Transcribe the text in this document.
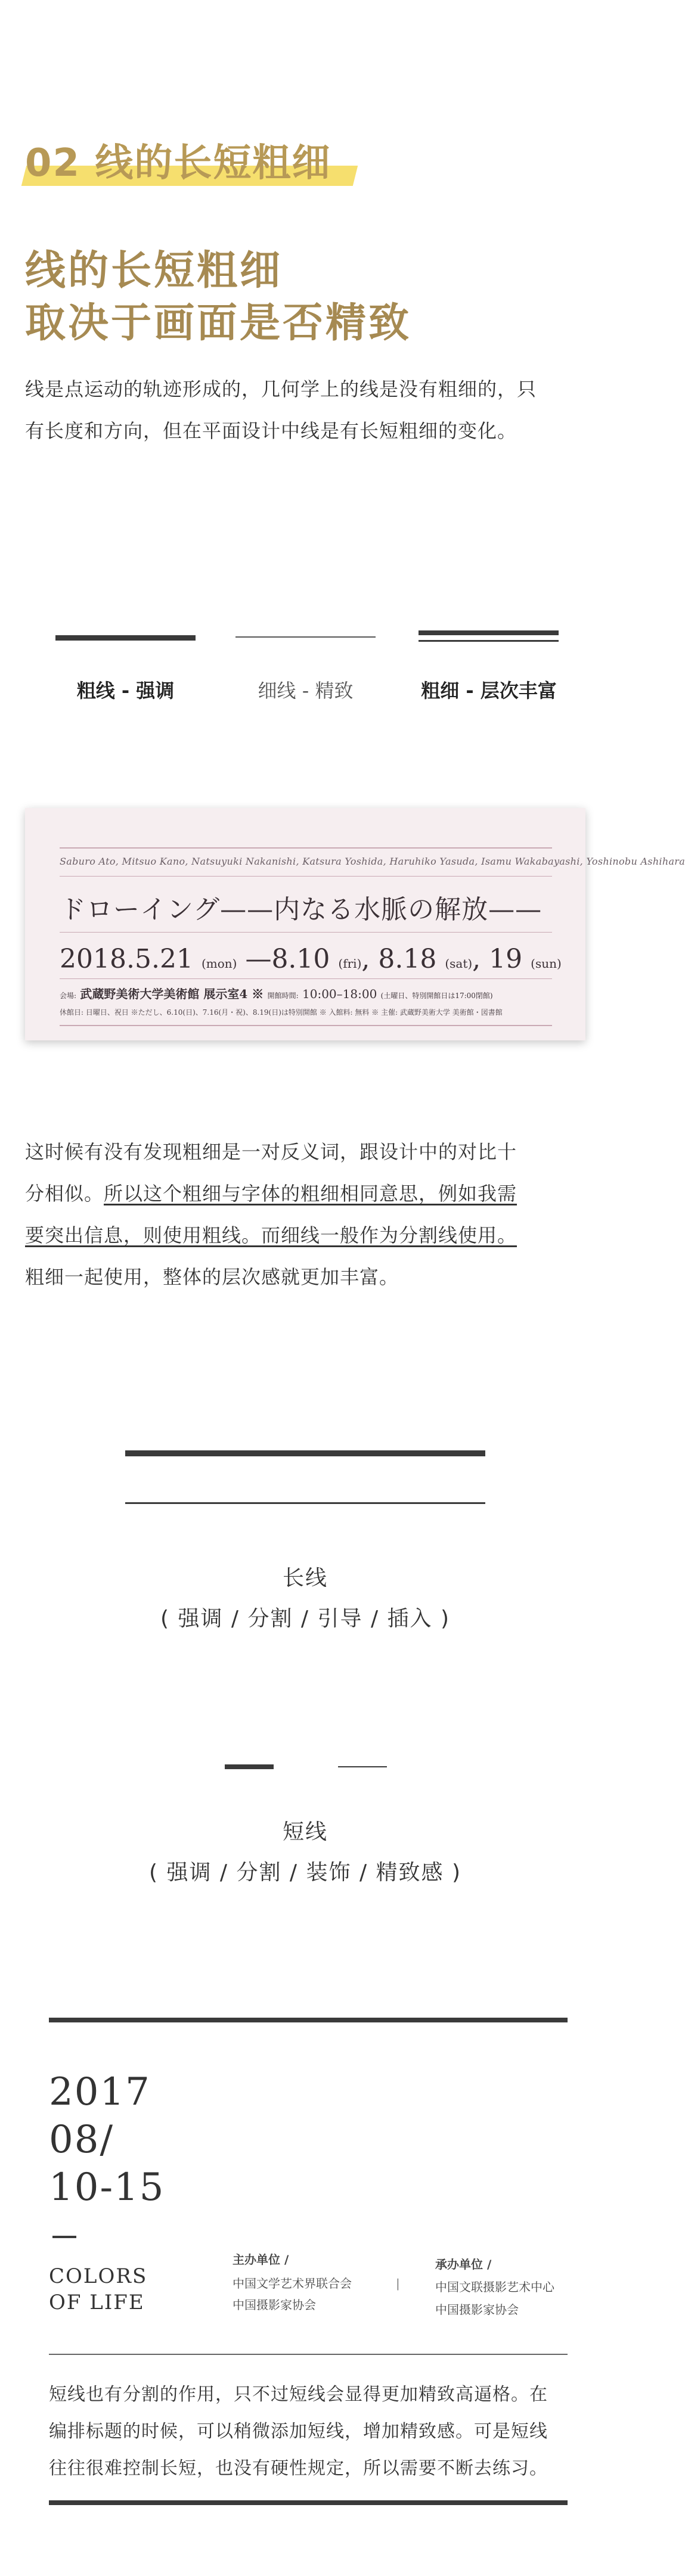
02 线的长短粗细
线的长短粗细
取决于画面是否精致
线是点运动的轨迹形成的，几何学上的线是没有粗细的，只
有长度和方向，但在平面设计中线是有长短粗细的变化。
粗线 - 强调	细线 - 精致	粗细 - 层次丰富
Saburo Ato, Mitsuo Kano, Natsuyuki Nakanishi, Katsura Yoshida, Haruhiko Yasuda, Isamu Wakabayashi, Yoshinobu Ashihara
ドローイング——内なる水脈の解放——
2018.5.21 (mon) —8.10 (fri), 8.18 (sat), 19 (sun)
会場: 武蔵野美術大学美術館 展示室4 ※ 開館時間: 10:00–18:00 (土曜日、特別開館日は17:00閉館)
休館日: 日曜日、祝日 ※ただし、6.10(日)、7.16(月・祝)、8.19(日)は特別開館 ※ 入館料: 無料 ※ 主催: 武蔵野美術大学 美術館・図書館
这时候有没有发现粗细是一对反义词，跟设计中的对比十
分相似。所以这个粗细与字体的粗细相同意思，例如我需
要突出信息，则使用粗线。而细线一般作为分割线使用。
粗细一起使用，整体的层次感就更加丰富。
长线
( 强调 / 分割 / 引导 / 插入 )
短线
( 强调 / 分割 / 装饰 / 精致感 )
2017
08/
10-15
COLORS
OF LIFE
主办单位 /
中国文学艺术界联合会
中国摄影家协会
|
承办单位 /
中国文联摄影艺术中心
中国摄影家协会
短线也有分割的作用，只不过短线会显得更加精致高逼格。在
编排标题的时候，可以稍微添加短线，增加精致感。可是短线
往往很难控制长短，也没有硬性规定，所以需要不断去练习。
